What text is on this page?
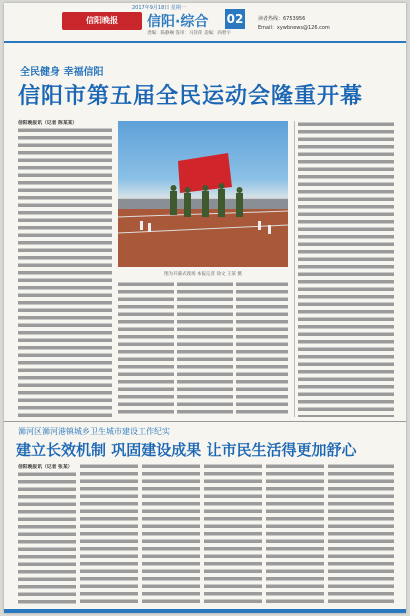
2017年9月18日 星期一
信阳晚报	信阳·综合 02
责编：陈静娴 签审：马萍萍 美编：尚智宇
读者热线：6753956
Email：xywbnews@126.com
全民健身 幸福信阳
信阳市第五届全民运动会隆重开幕
信阳晚报讯（记者 陈某某）
图为开幕式现场 本报记者 徐文 王某 摄
浉河区浉河港镇城乡卫生城市建设工作纪实
建立长效机制 巩固建设成果 让市民生活得更加舒心
信阳晚报讯（记者 张某）
